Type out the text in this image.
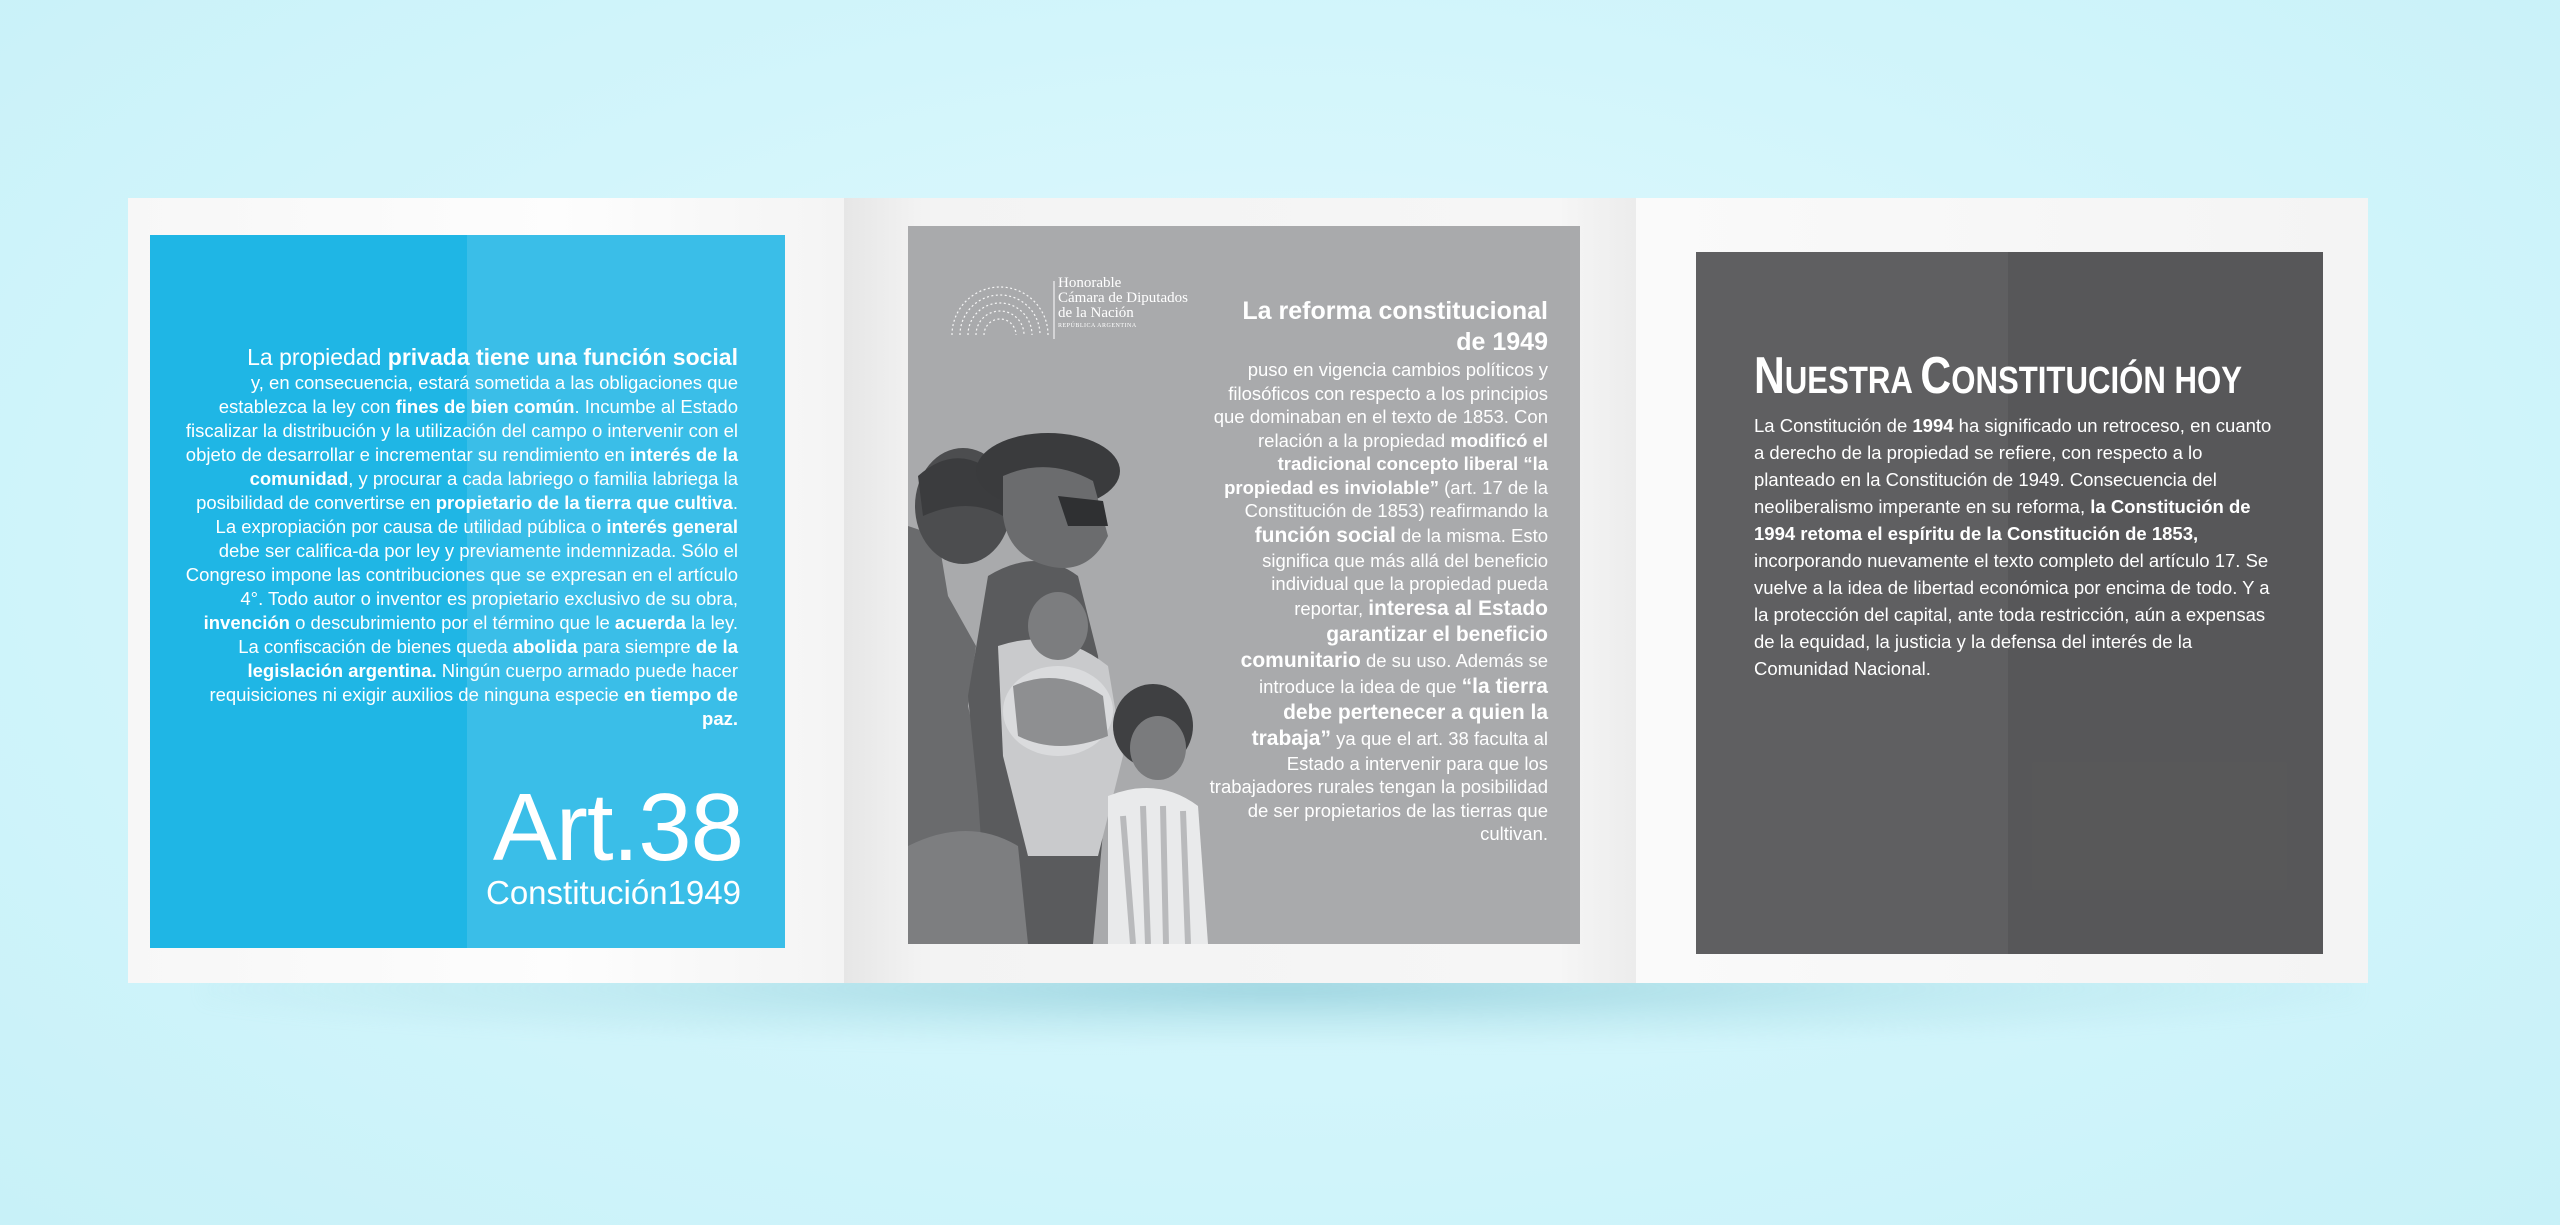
La propiedad privada tiene una función social
y, en consecuencia, estará sometida a las obligaciones que establezca la ley con fines de bien común. Incumbe al Estado fiscalizar la distribución y la utilización del campo o intervenir con el objeto de desarrollar e incrementar su rendimiento en interés de la comunidad, y procurar a cada labriego o familia labriega la posibilidad de convertirse en propietario de la tierra que cultiva. La expropiación por causa de utilidad pública o interés general debe ser califica-da por ley y previamente indemnizada. Sólo el Congreso impone las contribuciones que se expresan en el artículo 4°. Todo autor o inventor es propietario exclusivo de su obra, invención o descubrimiento por el término que le acuerda la ley. La confiscación de bienes queda abolida para siempre de la legislación argentina. Ningún cuerpo armado puede hacer requisiciones ni exigir auxilios de ninguna especie en tiempo de paz.
Art.38
Constitución1949
Honorable
Cámara de Diputados
de la Nación
REPÚBLICA ARGENTINA
La reforma constitucional de 1949
puso en vigencia cambios políticos y filosóficos con respecto a los principios que dominaban en el texto de 1853. Con relación a la propiedad modificó el tradicional concepto liberal “la propiedad es inviolable” (art. 17 de la Constitución de 1853) reafirmando la función social de la misma. Esto significa que más allá del beneficio individual que la propiedad pueda reportar, interesa al Estado garantizar el beneficio comunitario de su uso. Además se introduce la idea de que “la tierra debe pertenecer a quien la trabaja” ya que el art. 38 faculta al Estado a intervenir para que los trabajadores rurales tengan la posibilidad de ser propietarios de las tierras que cultivan.
NUESTRA CONSTITUCIÓN HOY
La Constitución de 1994 ha significado un retroceso, en cuanto a derecho de la propiedad se refiere, con respecto a lo planteado en la Constitución de 1949. Consecuencia del neoliberalismo imperante en su reforma, la Constitución de 1994 retoma el espíritu de la Constitución de 1853, incorporando nuevamente el texto completo del artículo 17. Se vuelve a la idea de libertad económica por encima de todo. Y a la protección del capital, ante toda restricción, aún a expensas de la equidad, la justicia y la defensa del interés de la Comunidad Nacional.
